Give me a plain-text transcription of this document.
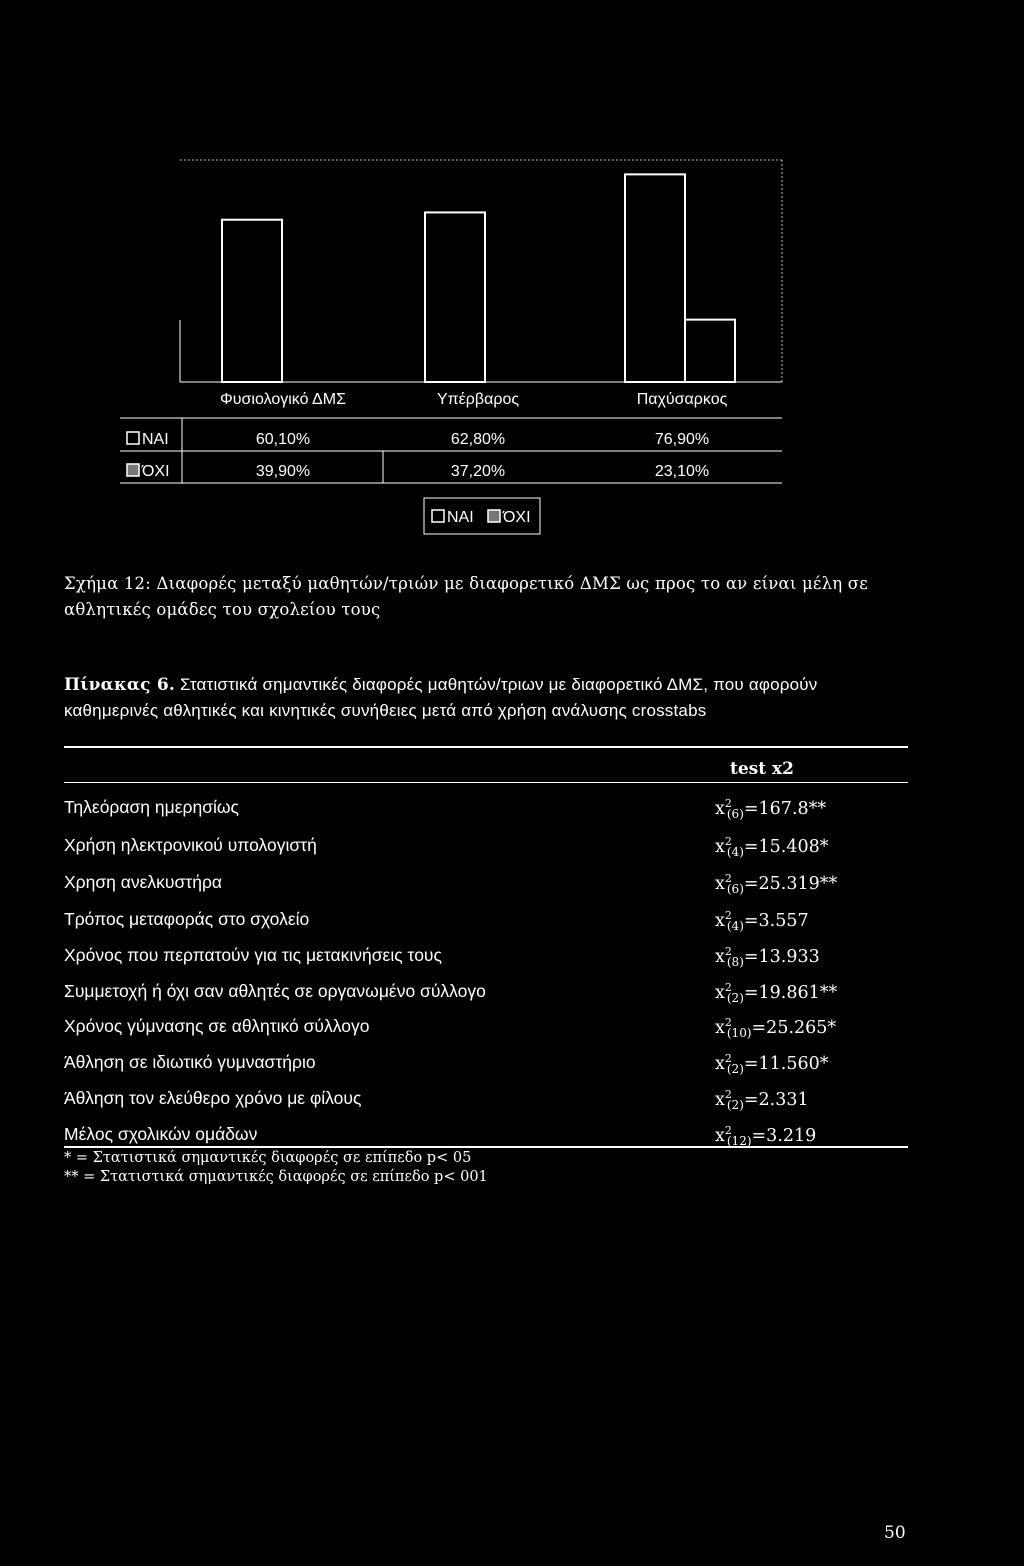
Φυσιολογικό ΔΜΣ	Υπέρβαρος	Παχύσαρκος
ΝΑΙ	60,10%	62,80%	76,90%
ΌΧΙ	39,90%	37,20%	23,10%
ΝΑΙ ΌΧΙ
Σχήμα 12: Διαφορές μεταξύ μαθητών/τριών με διαφορετικό ΔΜΣ ως προς το αν είναι μέλη σε αθλητικές ομάδες του σχολείου τους
Πίνακας 6. Στατιστικά σημαντικές διαφορές μαθητών/τριων με διαφορετικό ΔΜΣ, που αφορούν καθημερινές αθλητικές και κινητικές συνήθειες μετά από χρήση ανάλυσης crosstabs
test x2
Τηλεόραση ημερησίως	$x^2_{(6)}=167.8**$
Χρήση ηλεκτρονικού υπολογιστή	$x^2_{(4)}=15.408*$
Χρηση ανελκυστήρα	$x^2_{(6)}=25.319**$
Τρόπος μεταφοράς στο σχολείο	$x^2_{(4)}=3.557$
Χρόνος που περπατούν για τις μετακινήσεις τους	$x^2_{(8)}=13.933$
Συμμετοχή ή όχι σαν αθλητές σε οργανωμένο σύλλογο	$x^2_{(2)}=19.861**$
Χρόνος γύμνασης σε αθλητικό σύλλογο	$x^2_{(10)}=25.265*$
Άθληση σε ιδιωτικό γυμναστήριο	$x^2_{(2)}=11.560*$
Άθληση τον ελεύθερο χρόνο με φίλους	$x^2_{(2)}=2.331$
Μέλος σχολικών ομάδων	$x^2_{(12)}=3.219$
* = Στατιστικά σημαντικές διαφορές σε επίπεδο p< 05
** = Στατιστικά σημαντικές διαφορές σε επίπεδο p< 001
50
